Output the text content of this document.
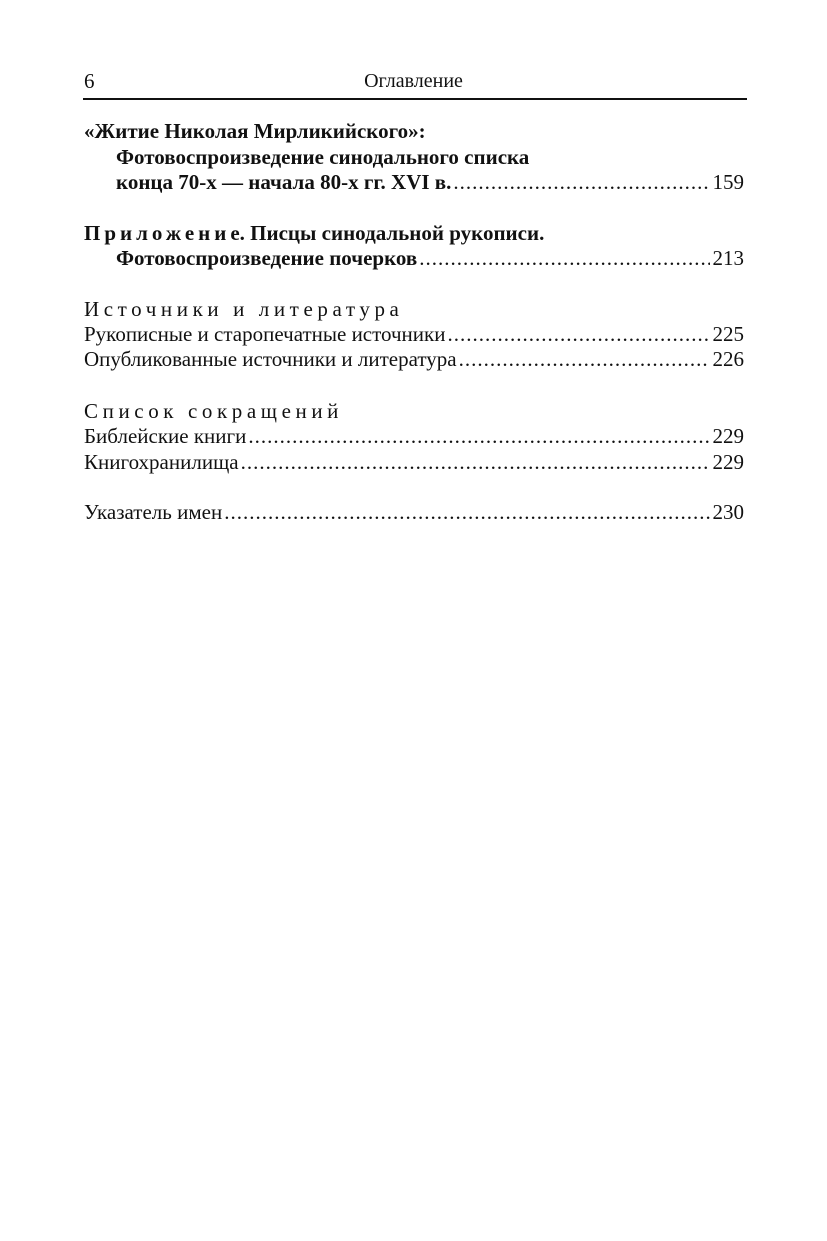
6	Оглавление
«Житие Николая Мирликийского»:
Фотовоспроизведение синодального списка
конца 70-х — начала 80-х гг. XVI в. .....	159
Приложение. Писцы синодальной рукописи.
Фотовоспроизведение почерков .....	213
Источники и литература
Рукописные и старопечатные источники .....	225
Опубликованные источники и литература .....	226
Список сокращений
Библейские книги .....	229
Книгохранилища .....	229
Указатель имен .....	230
